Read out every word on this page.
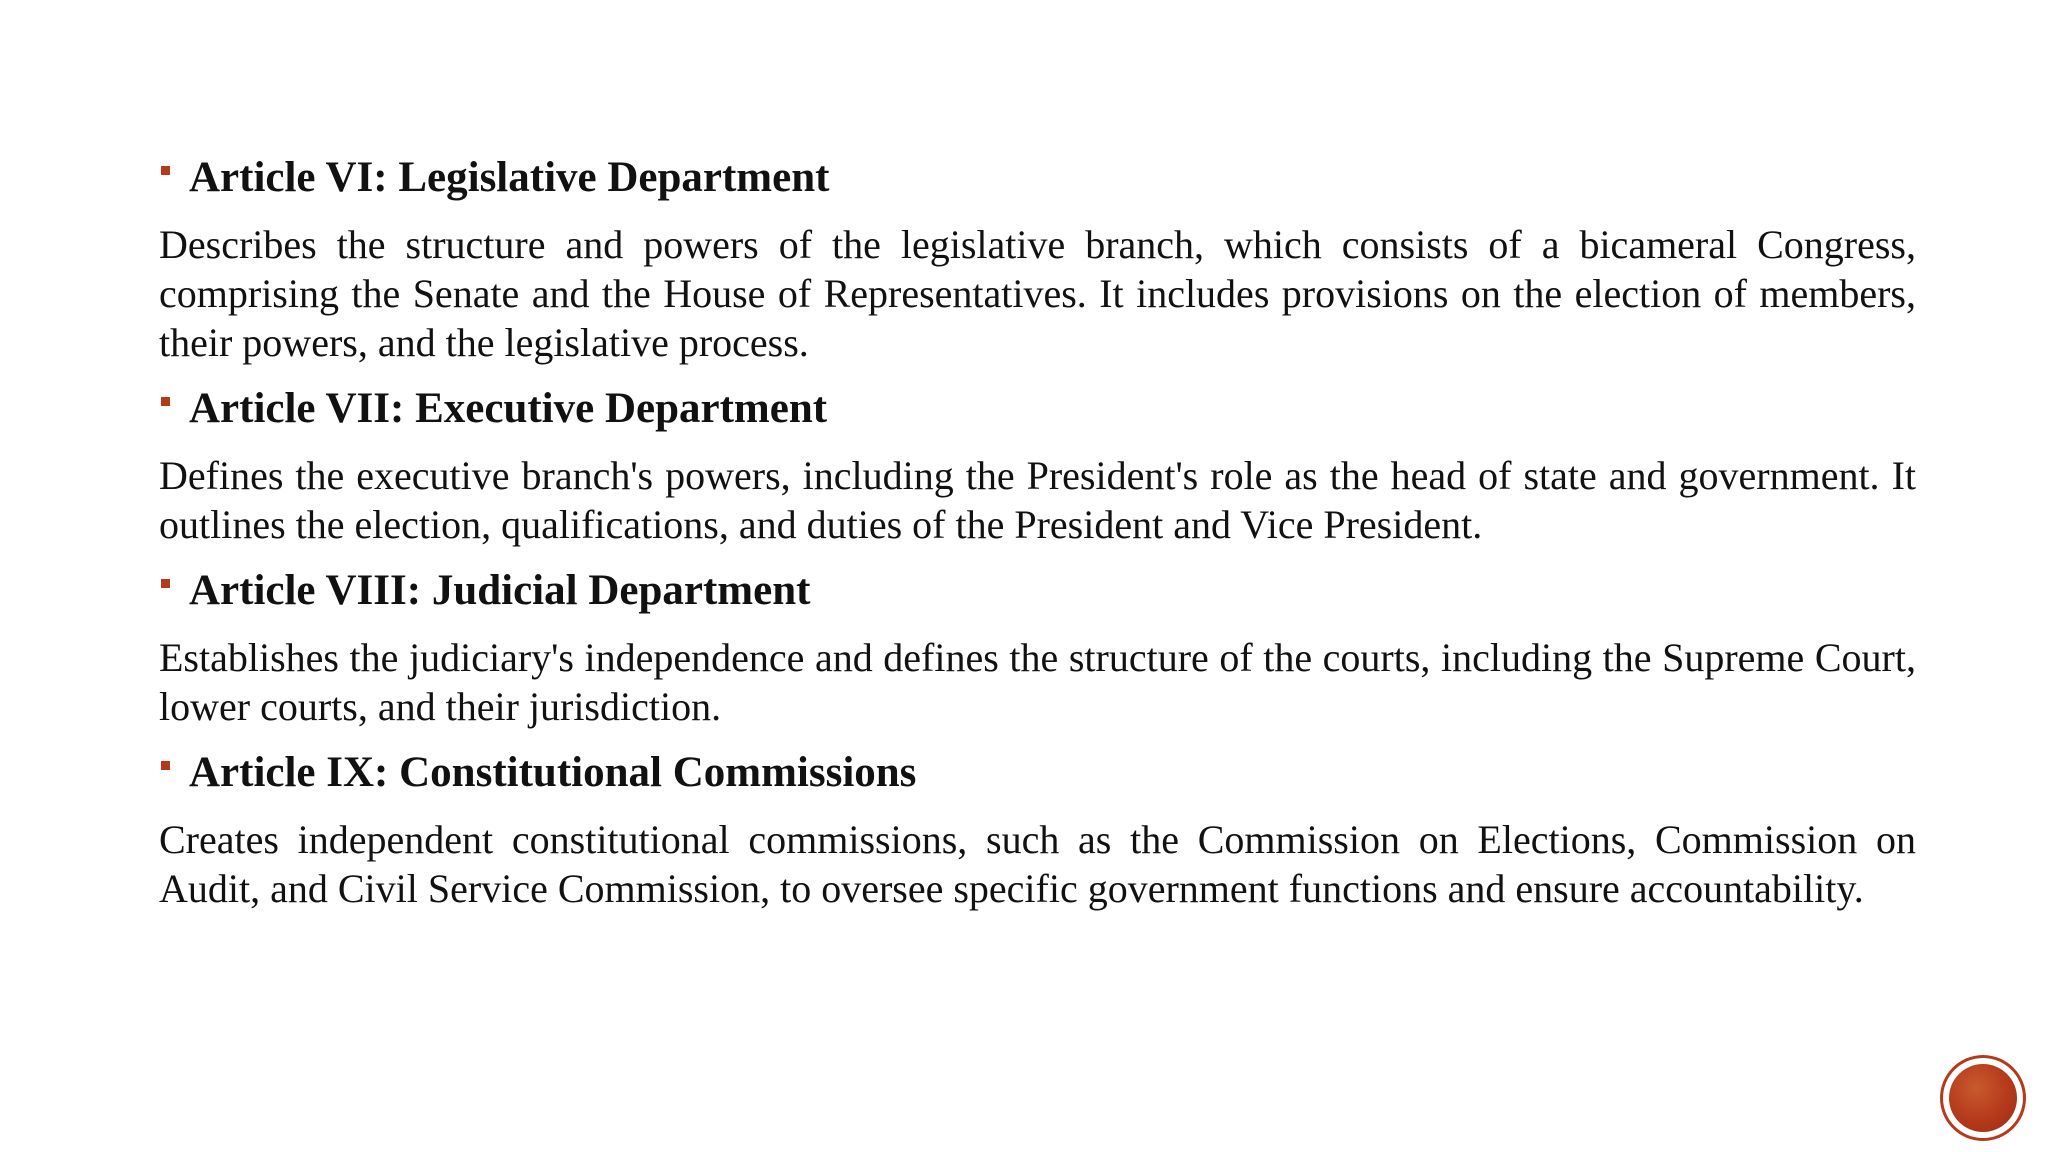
Article VI: Legislative Department

Describes the structure and powers of the legislative branch, which consists of a bicameral Congress, comprising the Senate and the House of Representatives. It includes provisions on the election of members, their powers, and the legislative process.

Article VII: Executive Department

Defines the executive branch's powers, including the President's role as the head of state and government. It outlines the election, qualifications, and duties of the President and Vice President.

Article VIII: Judicial Department

Establishes the judiciary's independence and defines the structure of the courts, including the Supreme Court, lower courts, and their jurisdiction.

Article IX: Constitutional Commissions

Creates independent constitutional commissions, such as the Commission on Elections, Commission on Audit, and Civil Service Commission, to oversee specific government functions and ensure accountability.
